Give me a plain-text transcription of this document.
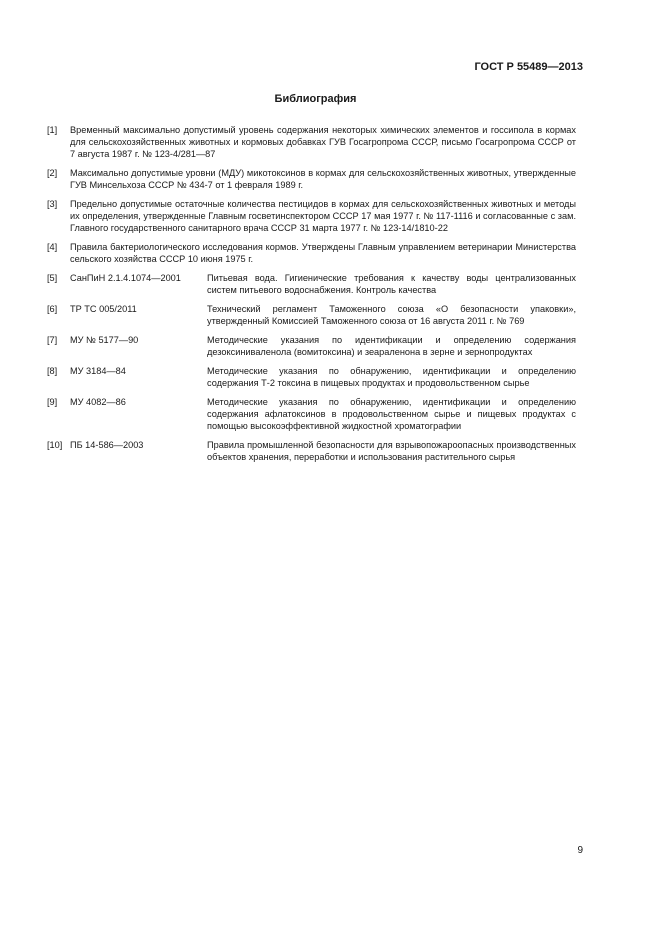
ГОСТ Р 55489—2013
Библиография
[1]	Временный максимально допустимый уровень содержания некоторых химических элементов и госсипола в кормах для сельскохозяйственных животных и кормовых добавках ГУВ Госагропрома СССР, письмо Госагропрома СССР от 7 августа 1987 г. № 123-4/281—87
[2]	Максимально допустимые уровни (МДУ) микотоксинов в кормах для сельскохозяйственных животных, утвержденные ГУВ Минсельхоза СССР № 434-7 от 1 февраля 1989 г.
[3]	Предельно допустимые остаточные количества пестицидов в кормах для сельскохозяйственных животных и методы их определения, утвержденные Главным госветинспектором СССР 17 мая 1977 г. № 117-1116 и согласованные с зам. Главного государственного санитарного врача СССР 31 марта 1977 г. № 123-14/1810-22
[4]	Правила бактериологического исследования кормов. Утверждены Главным управлением ветеринарии Министерства сельского хозяйства СССР 10 июня 1975 г.
[5]	СанПиН 2.1.4.1074—2001	Питьевая вода. Гигиенические требования к качеству воды централизованных систем питьевого водоснабжения. Контроль качества
[6]	ТР ТС 005/2011	Технический регламент Таможенного союза «О безопасности упаковки», утвержденный Комиссией Таможенного союза от 16 августа 2011 г. № 769
[7]	МУ № 5177—90	Методические указания по идентификации и определению содержания дезоксиниваленола (вомитоксина) и зеараленона в зерне и зернопродуктах
[8]	МУ 3184—84	Методические указания по обнаружению, идентификации и определению содержания Т-2 токсина в пищевых продуктах и продовольственном сырье
[9]	МУ 4082—86	Методические указания по обнаружению, идентификации и определению содержания афлатоксинов в продовольственном сырье и пищевых продуктах с помощью высокоэффективной жидкостной хроматографии
[10] ПБ 14-586—2003	Правила промышленной безопасности для взрывопожароопасных производственных объектов хранения, переработки и использования растительного сырья
9
